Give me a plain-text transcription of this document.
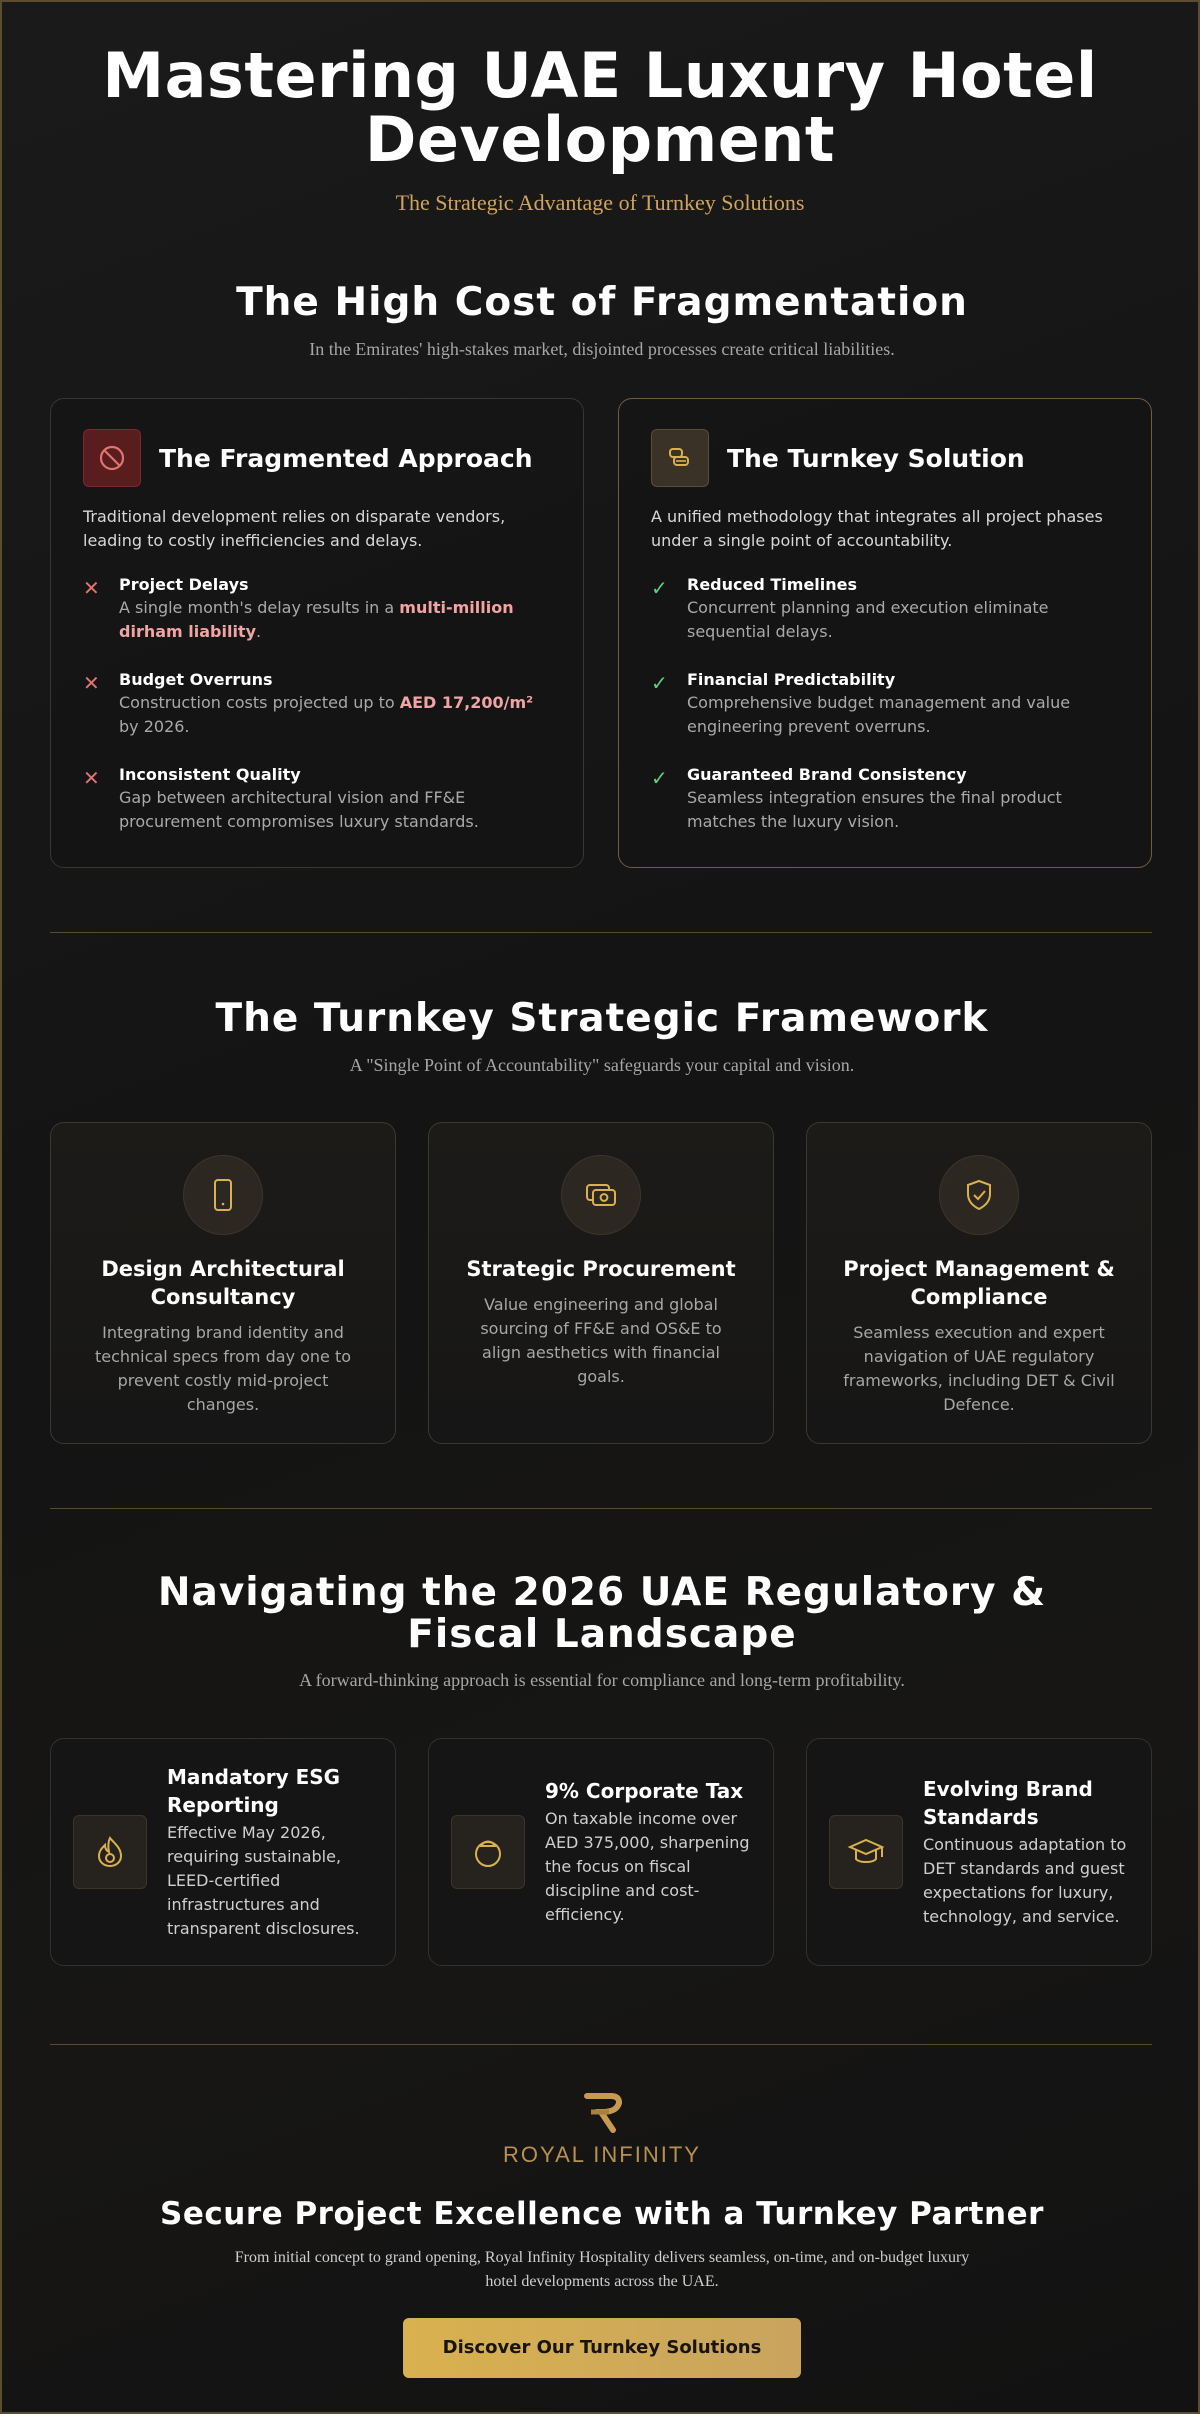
Mastering UAE Luxury Hotel Development
The Strategic Advantage of Turnkey Solutions
The High Cost of Fragmentation
In the Emirates' high-stakes market, disjointed processes create critical liabilities.
The Fragmented Approach

Traditional development relies on disparate vendors, leading to costly inefficiencies and delays.

✕	Project Delays
A single month's delay results in a multi-million dirham liability.
✕	Budget Overruns
Construction costs projected up to AED 17,200/m² by 2026.
✕	Inconsistent Quality
Gap between architectural vision and FF&E procurement compromises luxury standards.
The Turnkey Solution

A unified methodology that integrates all project phases under a single point of accountability.

✓	Reduced Timelines
Concurrent planning and execution eliminate sequential delays.
✓	Financial Predictability
Comprehensive budget management and value engineering prevent overruns.
✓	Guaranteed Brand Consistency
Seamless integration ensures the final product matches the luxury vision.
The Turnkey Strategic Framework
A "Single Point of Accountability" safeguards your capital and vision.
Design Architectural Consultancy
Integrating brand identity and technical specs from day one to prevent costly mid-project changes.
Strategic Procurement
Value engineering and global sourcing of FF&E and OS&E to align aesthetics with financial goals.
Project Management & Compliance
Seamless execution and expert navigation of UAE regulatory frameworks, including DET & Civil Defence.
Navigating the 2026 UAE Regulatory & Fiscal Landscape
A forward-thinking approach is essential for compliance and long-term profitability.
Mandatory ESG Reporting
Effective May 2026, requiring sustainable, LEED-certified infrastructures and transparent disclosures.
9% Corporate Tax
On taxable income over AED 375,000, sharpening the focus on fiscal discipline and cost-efficiency.
Evolving Brand Standards
Continuous adaptation to DET standards and guest expectations for luxury, technology, and service.
ROYAL INFINITY
Secure Project Excellence with a Turnkey Partner

From initial concept to grand opening, Royal Infinity Hospitality delivers seamless, on-time, and on-budget luxury hotel developments across the UAE.

Discover Our Turnkey Solutions
